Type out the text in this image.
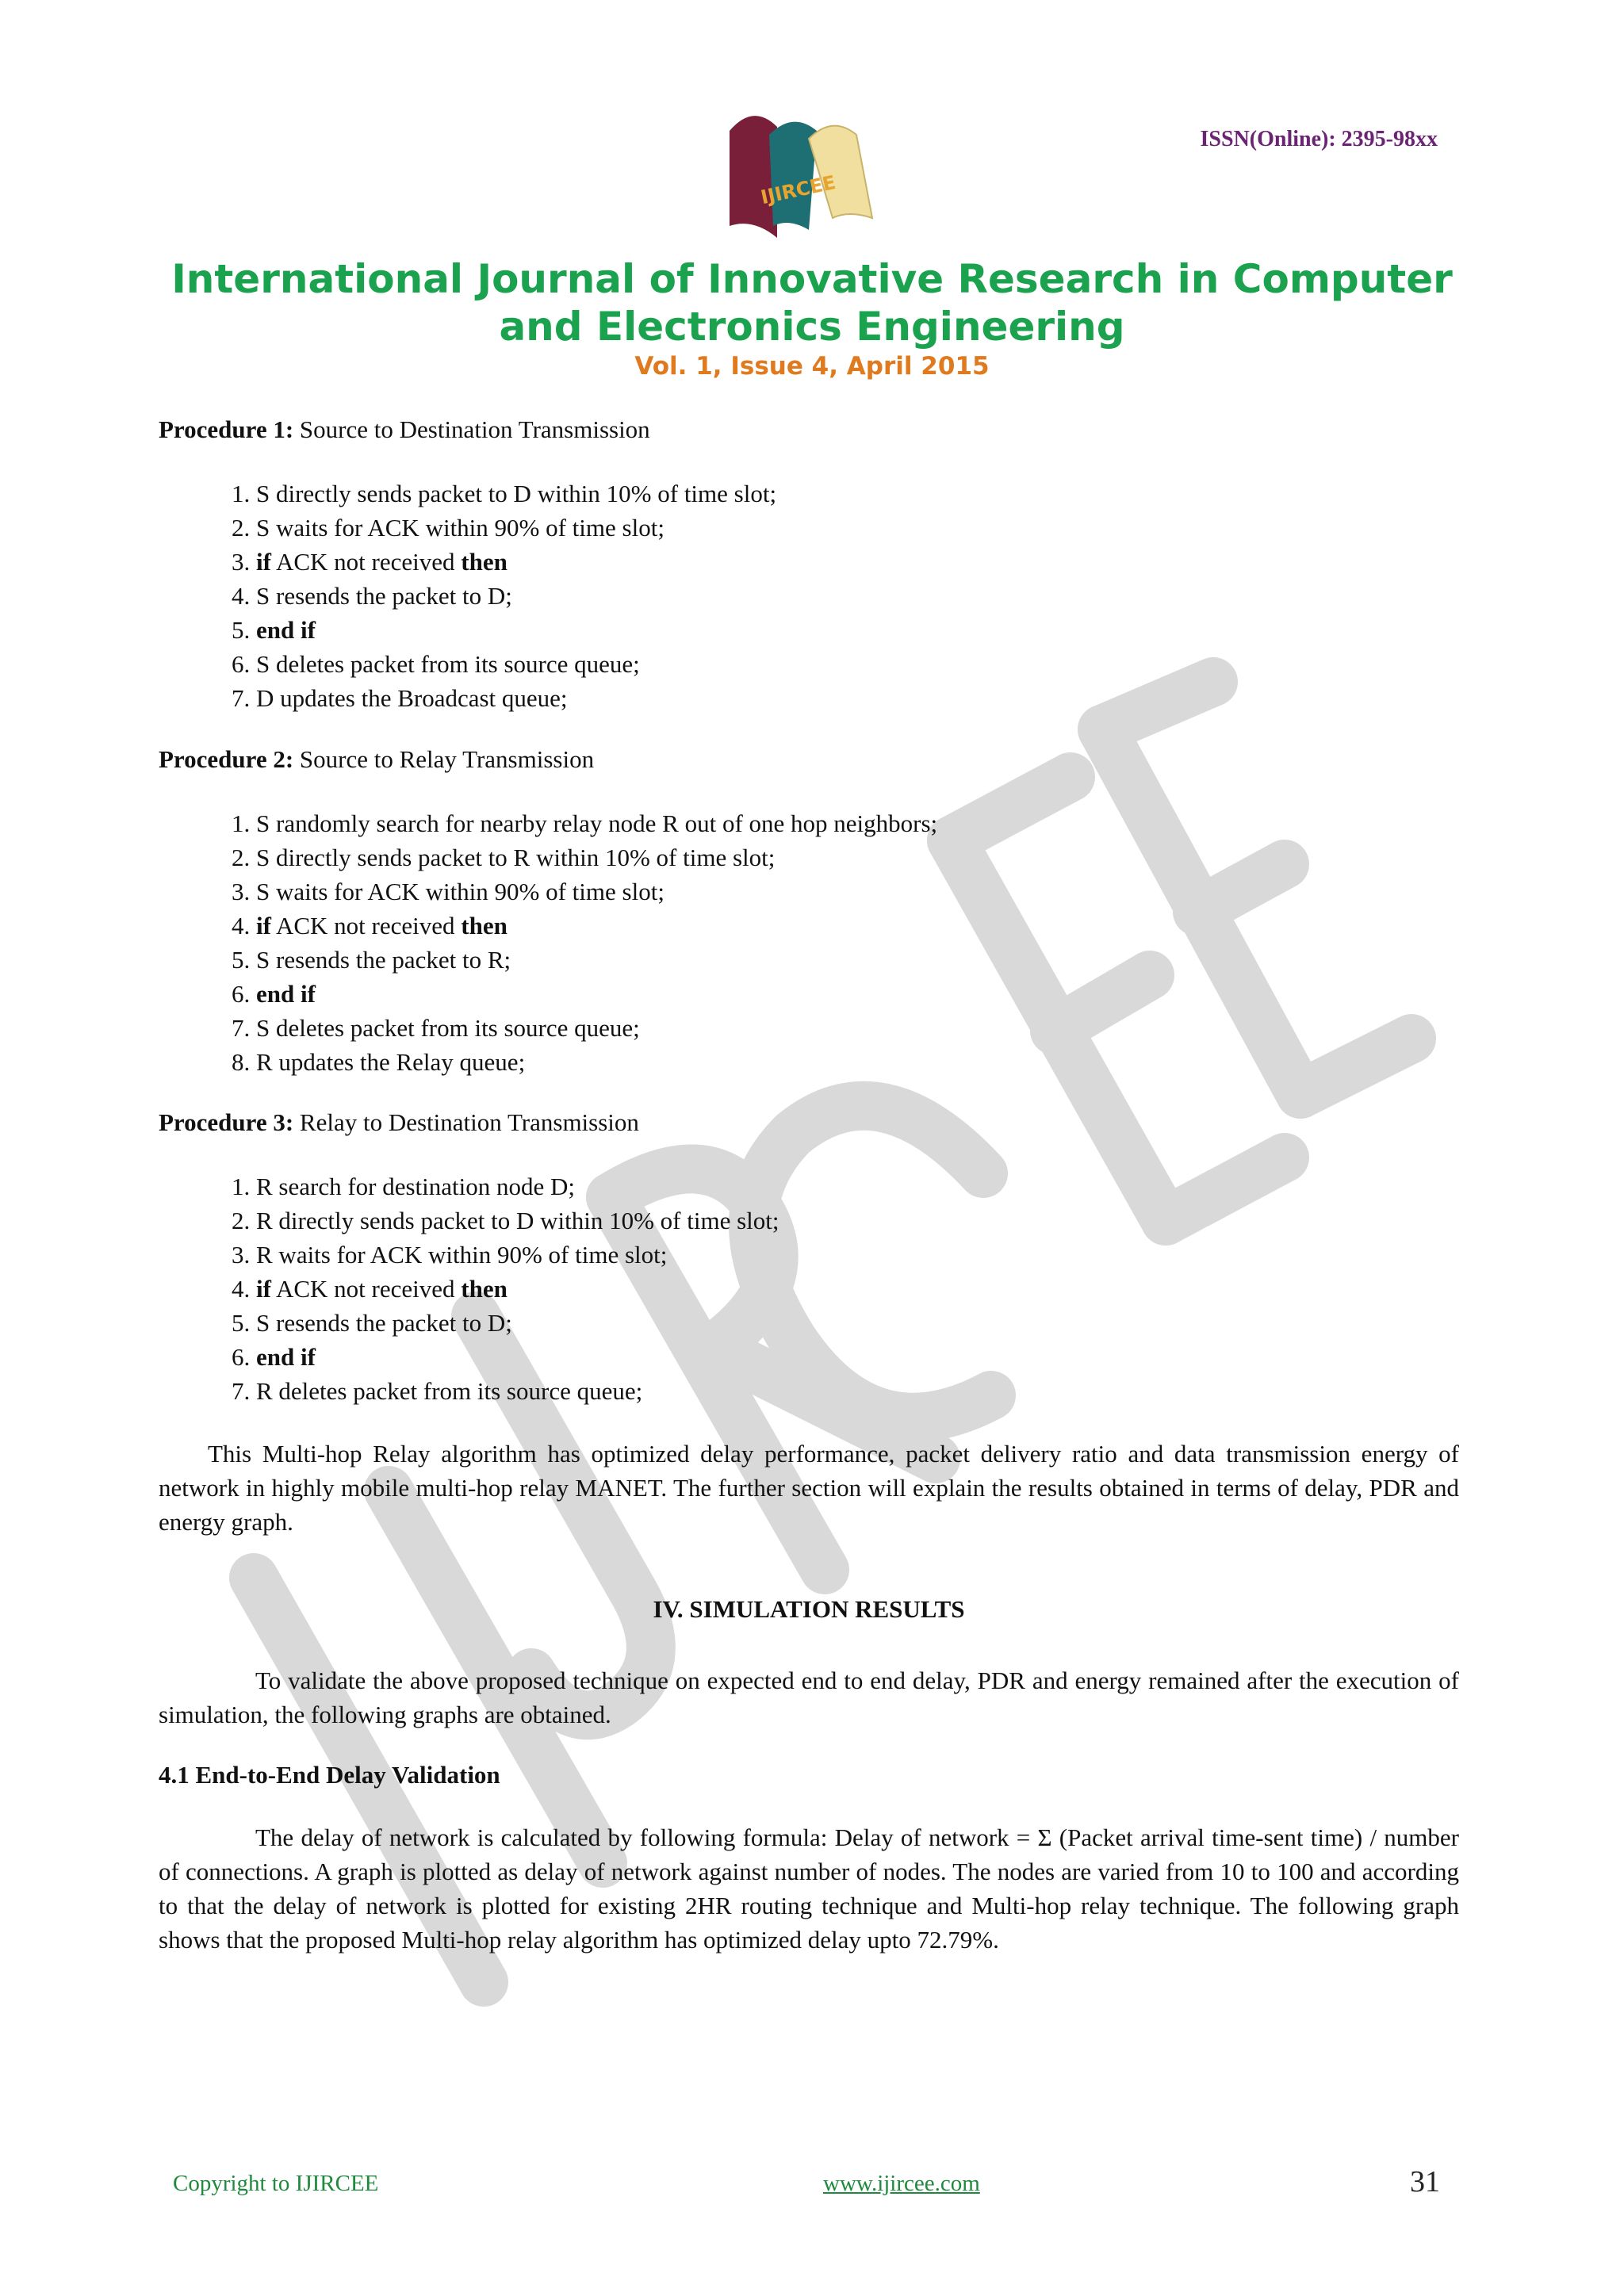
IJIRCEE
ISSN(Online): 2395-98xx
International Journal of Innovative Research in Computer
and Electronics Engineering
Vol. 1, Issue 4, April 2015
Procedure 1: Source to Destination Transmission
1. S directly sends packet to D within 10% of time slot;
2. S waits for ACK within 90% of time slot;
3. if ACK not received then
4. S resends the packet to D;
5. end if
6. S deletes packet from its source queue;
7. D updates the Broadcast queue;
Procedure 2: Source to Relay Transmission
1. S randomly search for nearby relay node R out of one hop neighbors;
2. S directly sends packet to R within 10% of time slot;
3. S waits for ACK within 90% of time slot;
4. if ACK not received then
5. S resends the packet to R;
6. end if
7. S deletes packet from its source queue;
8. R updates the Relay queue;
Procedure 3: Relay to Destination Transmission
1. R search for destination node D;
2. R directly sends packet to D within 10% of time slot;
3. R waits for ACK within 90% of time slot;
4. if ACK not received then
5. S resends the packet to D;
6. end if
7. R deletes packet from its source queue;
This Multi-hop Relay algorithm has optimized delay performance, packet delivery ratio and data transmission energy of network in highly mobile multi-hop relay MANET. The further section will explain the results obtained in terms of delay, PDR and energy graph.
IV. SIMULATION RESULTS
To validate the above proposed technique on expected end to end delay, PDR and energy remained after the execution of simulation, the following graphs are obtained.
4.1 End-to-End Delay Validation
The delay of network is calculated by following formula: Delay of network = Σ (Packet arrival time-sent time) / number of connections. A graph is plotted as delay of network against number of nodes. The nodes are varied from 10 to 100 and according to that the delay of network is plotted for existing 2HR routing technique and Multi-hop relay technique. The following graph shows that the proposed Multi-hop relay algorithm has optimized delay upto 72.79%.
Copyright to IJIRCEE	www.ijircee.com	31
